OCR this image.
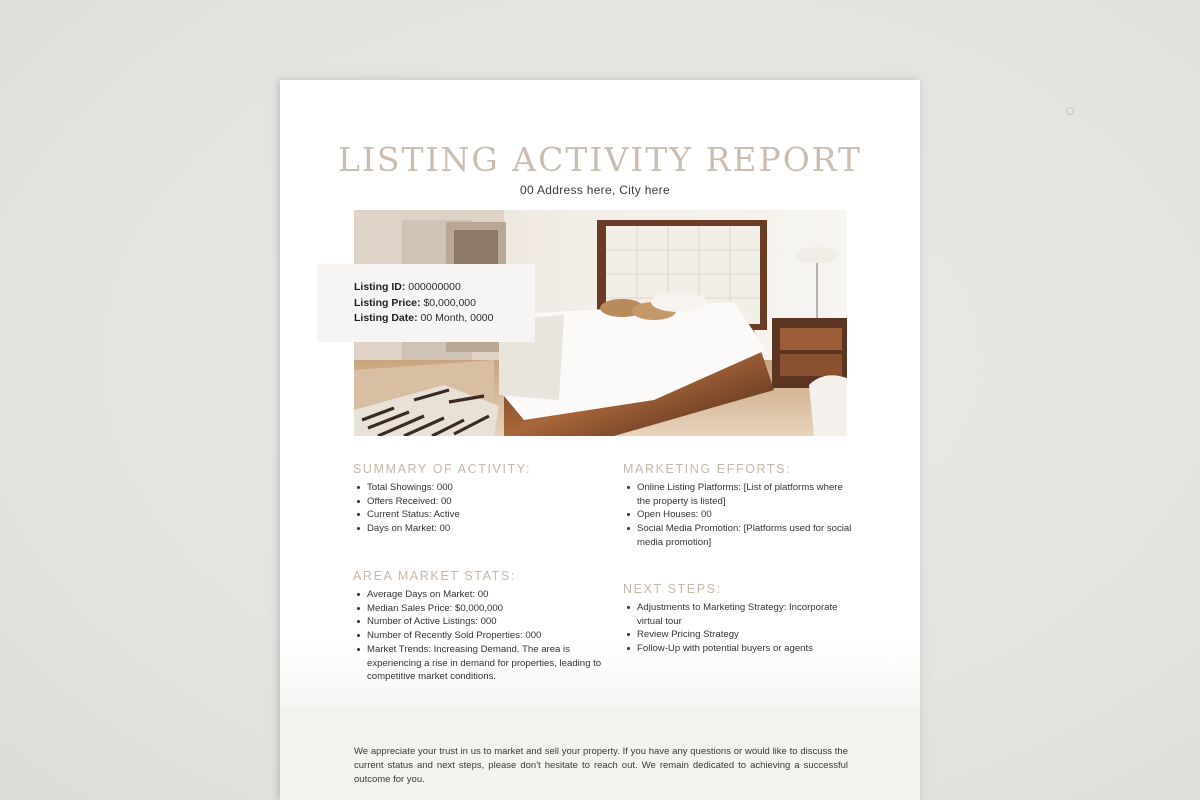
LISTING ACTIVITY REPORT
00 Address here, City here
Listing ID: 000000000
Listing Price: $0,000,000
Listing Date: 00 Month, 0000
SUMMARY OF ACTIVITY:
Total Showings: 000
Offers Received: 00
Current Status: Active
Days on Market: 00
MARKETING EFFORTS:
Online Listing Platforms: [List of platforms where the property is listed]
Open Houses: 00
Social Media Promotion: [Platforms used for social media promotion]
AREA MARKET STATS:
Average Days on Market: 00
Median Sales Price: $0,000,000
Number of Active Listings: 000
Number of Recently Sold Properties: 000
Market Trends: Increasing Demand. The area is experiencing a rise in demand for properties, leading to competitive market conditions.
NEXT STEPS:
Adjustments to Marketing Strategy: Incorporate virtual tour
Review Pricing Strategy
Follow-Up with potential buyers or agents

We appreciate your trust in us to market and sell your property. If you have any questions or would like to discuss the current status and next steps, please don't hesitate to reach out. We remain dedicated to achieving a successful outcome for you.
